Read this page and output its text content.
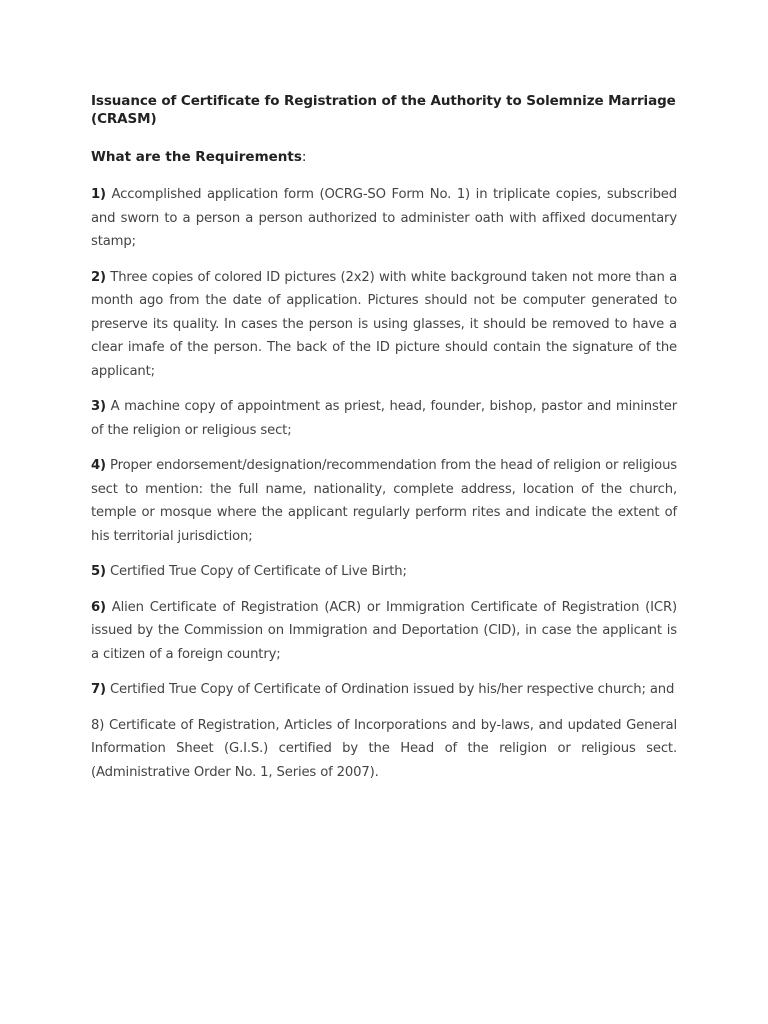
Issuance of Certificate fo Registration of the Authority to Solemnize Marriage (CRASM)

What are the Requirements:

1) Accomplished application form (OCRG-SO Form No. 1) in triplicate copies, subscribed and sworn to a person a person authorized to administer oath with affixed documentary stamp;
2) Three copies of colored ID pictures (2x2) with white background taken not more than a month ago from the date of application. Pictures should not be computer generated to preserve its quality. In cases the person is using glasses, it should be removed to have a clear imafe of the person. The back of the ID picture should contain the signature of the applicant;
3) A machine copy of appointment as priest, head, founder, bishop, pastor and mininster of the religion or religious sect;
4) Proper endorsement/designation/recommendation from the head of religion or religious sect to mention: the full name, nationality, complete address, location of the church, temple or mosque where the applicant regularly perform rites and indicate the extent of his territorial jurisdiction;
5) Certified True Copy of Certificate of Live Birth;
6) Alien Certificate of Registration (ACR) or Immigration Certificate of Registration (ICR) issued by the Commission on Immigration and Deportation (CID), in case the applicant is a citizen of a foreign country;
7) Certified True Copy of Certificate of Ordination issued by his/her respective church; and
8) Certificate of Registration, Articles of Incorporations and by-laws, and updated General Information Sheet (G.I.S.) certified by the Head of the religion or religious sect. (Administrative Order No. 1, Series of 2007).
